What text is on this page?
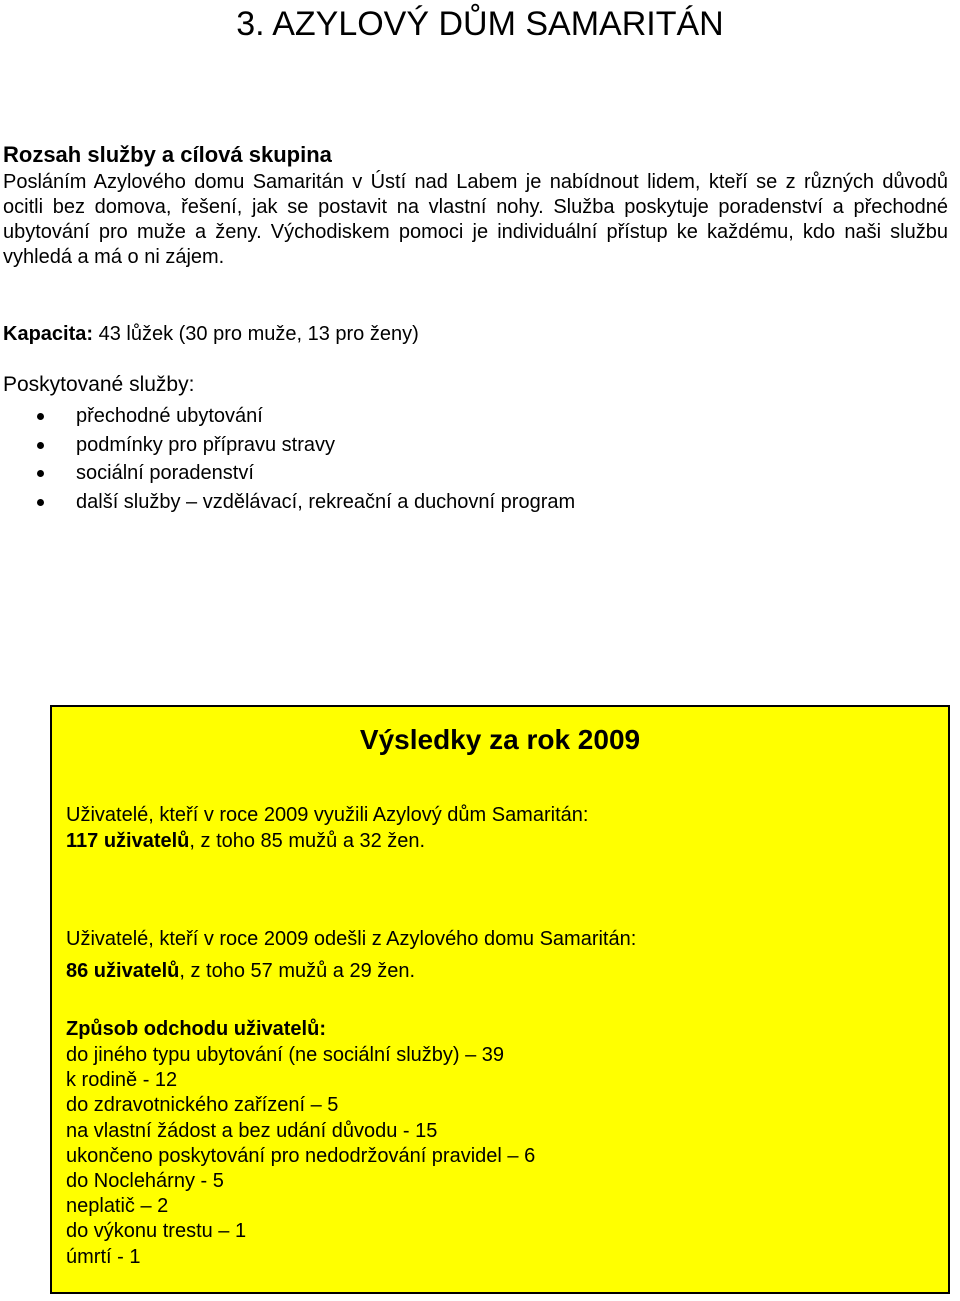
3. AZYLOVÝ DŮM SAMARITÁN
Rozsah služby a cílová skupina

Posláním Azylového domu Samaritán v Ústí nad Labem je nabídnout lidem, kteří se z různých důvodů ocitli bez domova, řešení, jak se postavit na vlastní nohy. Služba poskytuje poradenství a přechodné ubytování pro muže a ženy. Východiskem pomoci je individuální přístup ke každému, kdo naši službu vyhledá a má o ni zájem.

Kapacita: 43 lůžek (30 pro muže, 13 pro ženy)

Poskytované služby:
přechodné ubytování
podmínky pro přípravu stravy
sociální poradenství
další služby – vzdělávací, rekreační a duchovní program
Výsledky za rok 2009

Uživatelé, kteří v roce 2009 využili Azylový dům Samaritán:

117 uživatelů, z toho 85 mužů a 32 žen.

Uživatelé, kteří v roce 2009 odešli z Azylového domu Samaritán:

86 uživatelů, z toho 57 mužů a 29 žen.

Způsob odchodu uživatelů:

do jiného typu ubytování (ne sociální služby) – 39
k rodině - 12
do zdravotnického zařízení – 5
na vlastní žádost a bez udání důvodu - 15
ukončeno poskytování pro nedodržování pravidel – 6
do Noclehárny - 5
neplatič – 2
do výkonu trestu – 1
úmrtí - 1
